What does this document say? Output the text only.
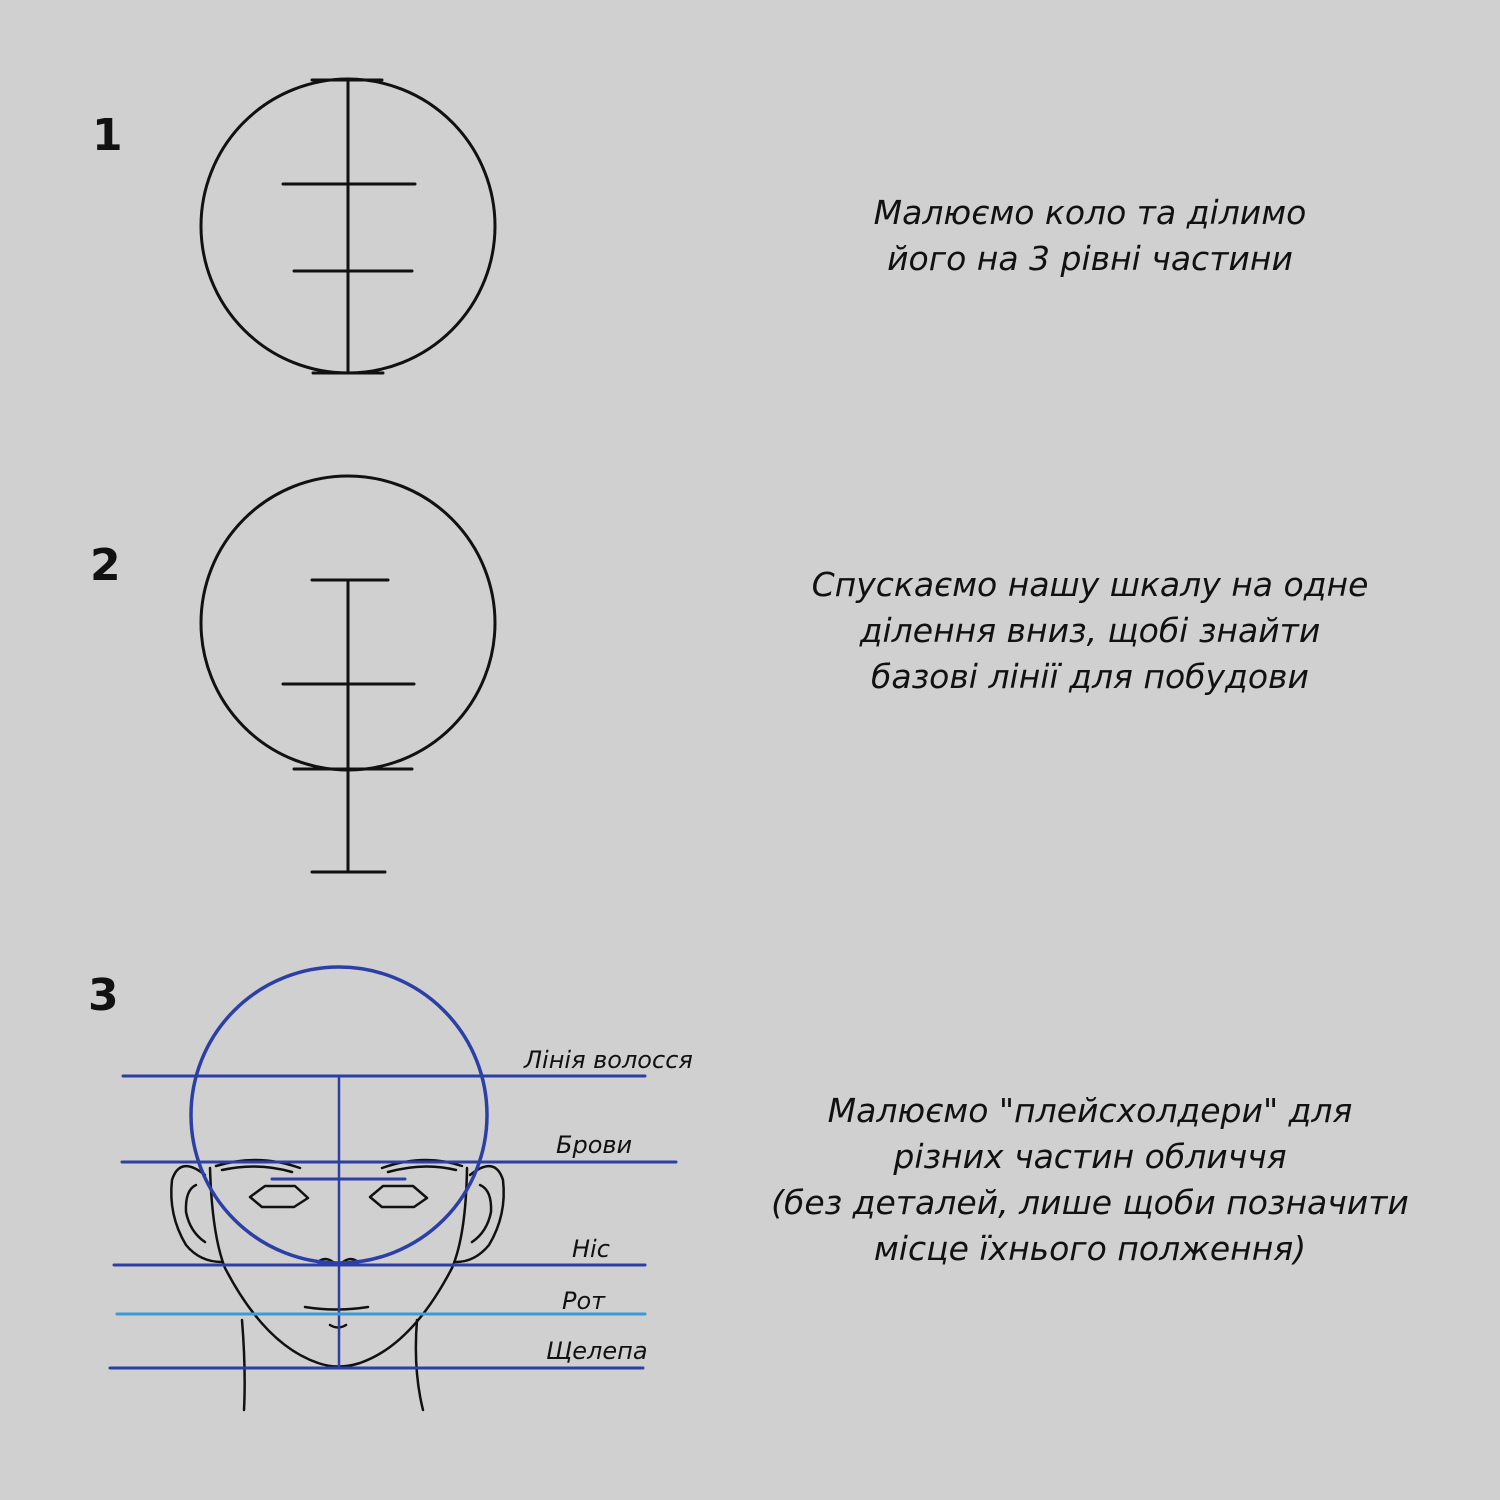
1
2
3
Малюємо коло та ділимо
його на 3 рівні частини
Спускаємо нашу шкалу на одне
ділення вниз, щобі знайти
базові лінії для побудови
Малюємо "плейсхолдери" для
різних частин обличчя
(без деталей, лише щоби позначити
місце їхнього полження)
Лінія волосся
Брови
Ніс
Рот
Щелепа
